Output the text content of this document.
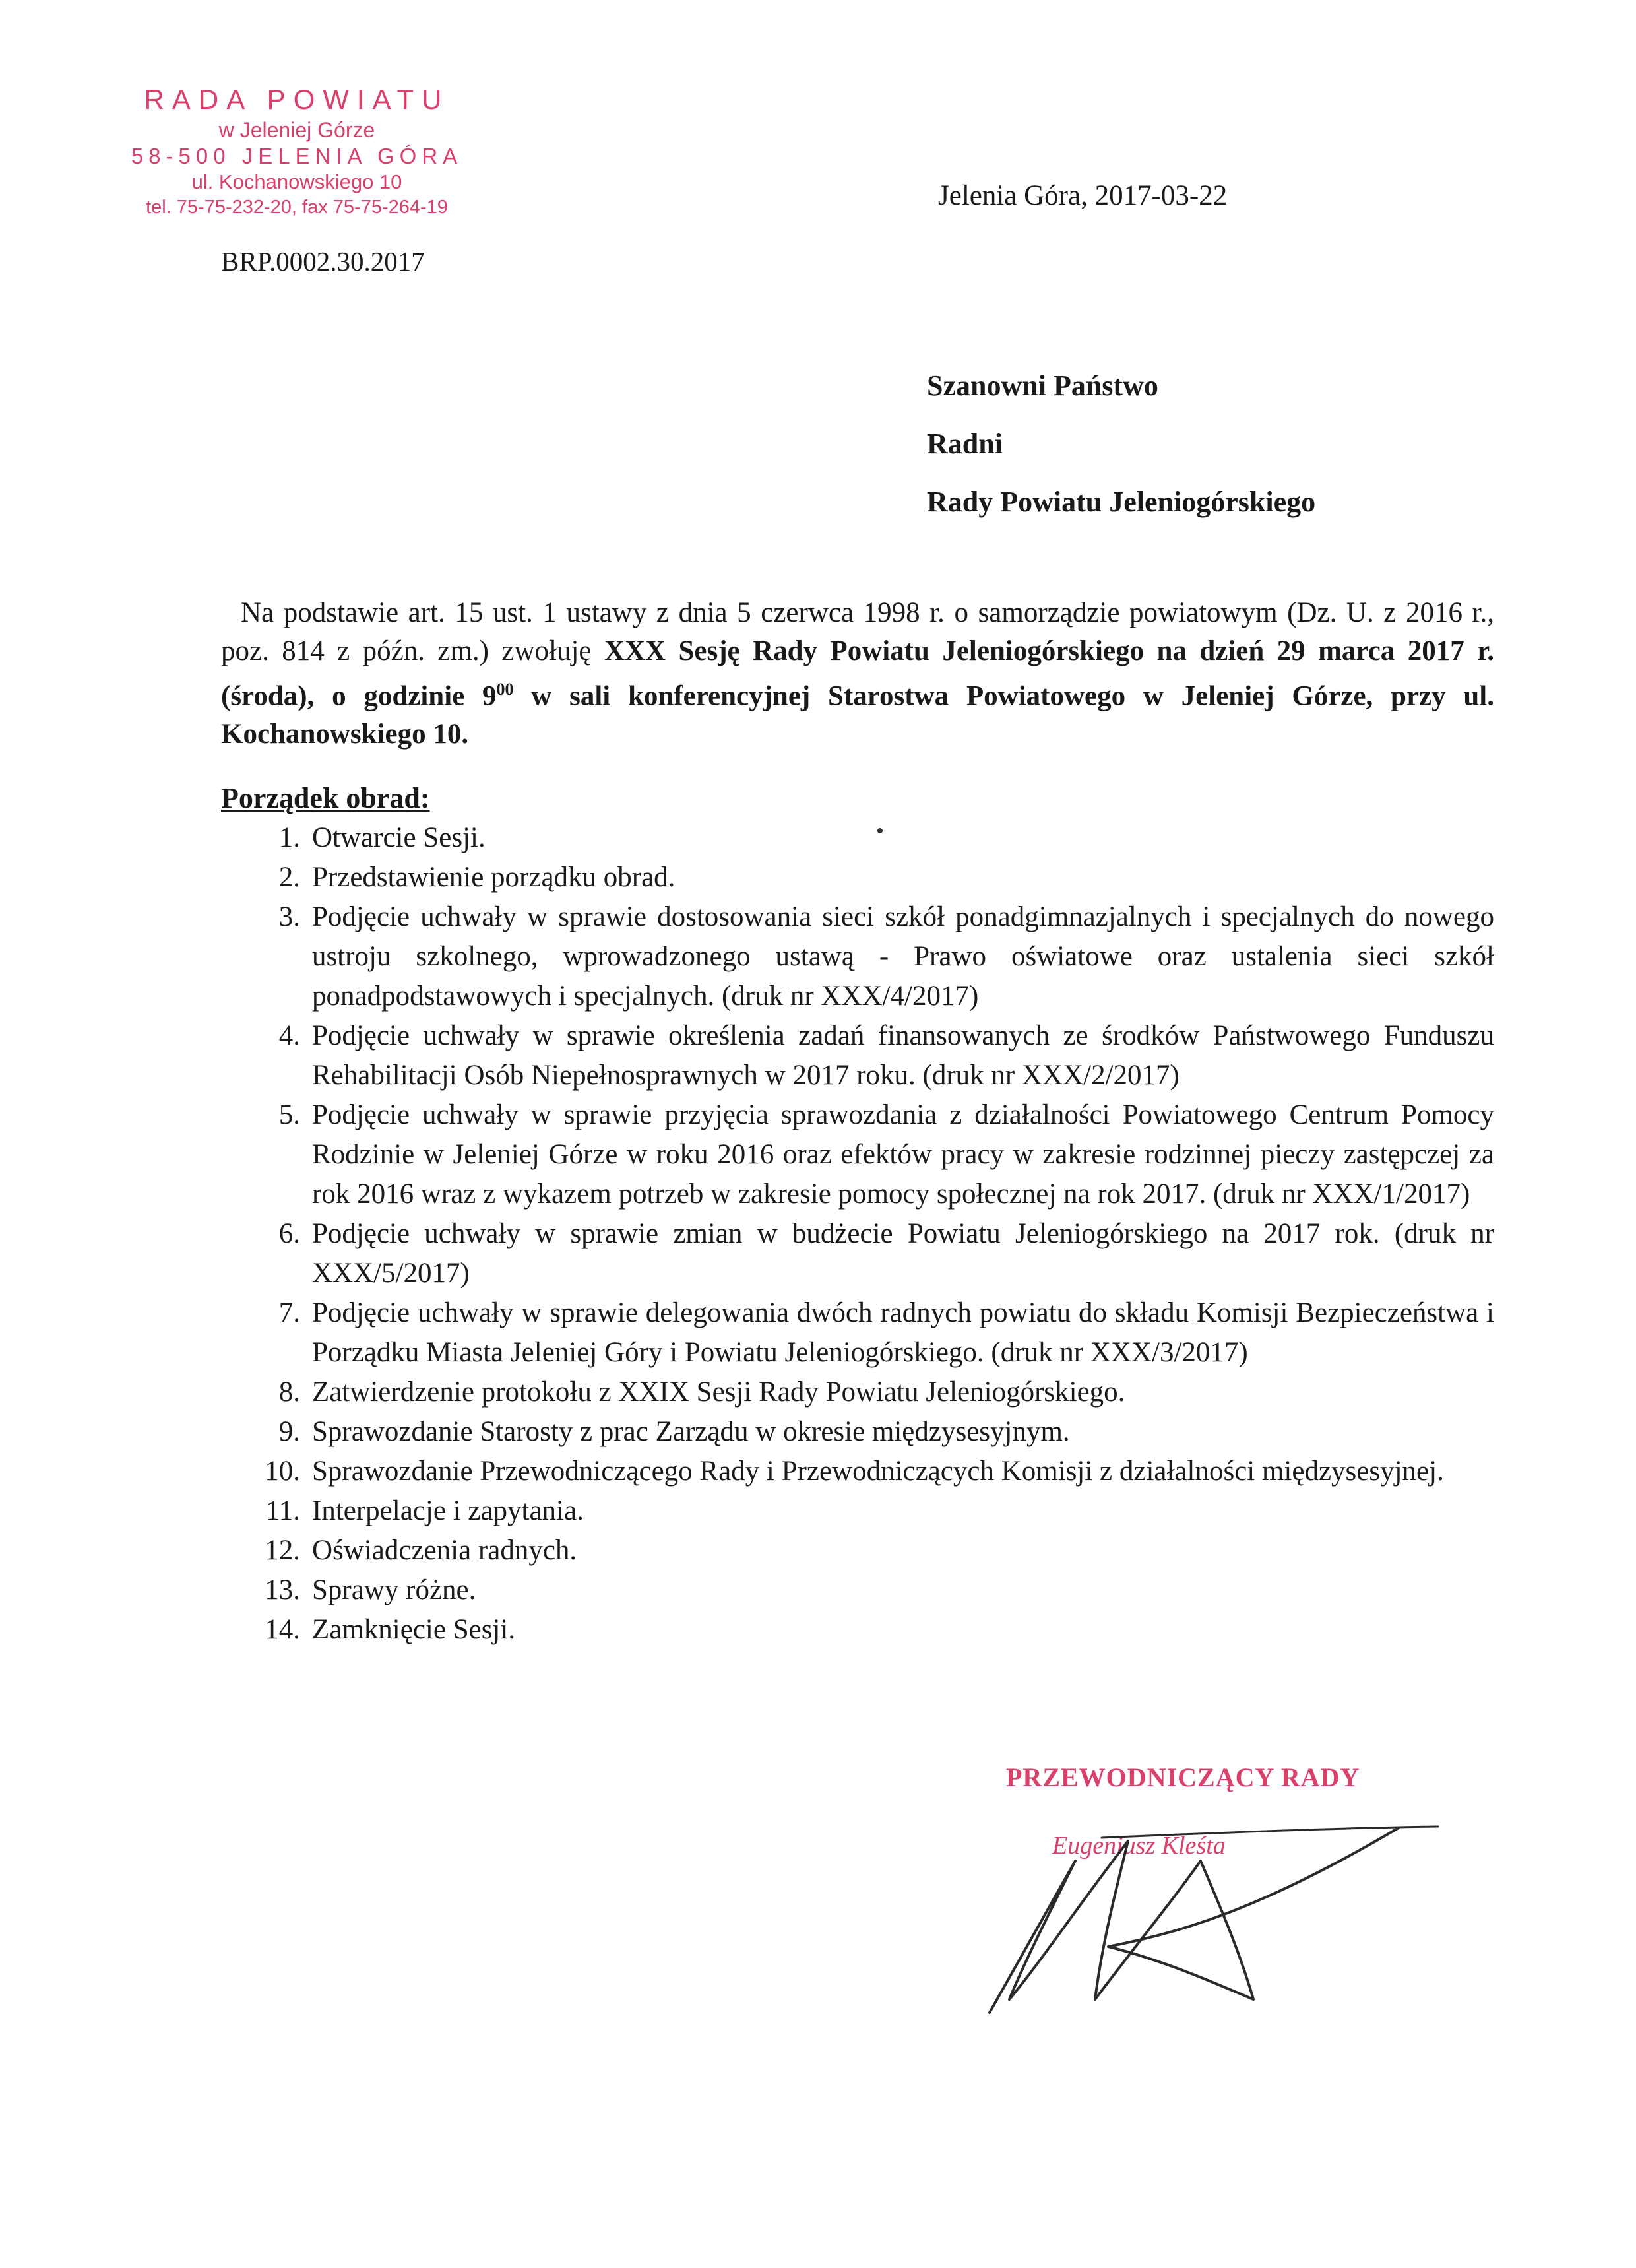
RADA POWIATU
w Jeleniej Górze
58-500 JELENIA GÓRA
ul. Kochanowskiego 10
tel. 75-75-232-20, fax 75-75-264-19
BRP.0002.30.2017
Jelenia Góra, 2017-03-22
Szanowni Państwo
Radni
Rady Powiatu Jeleniogórskiego

Na podstawie art. 15 ust. 1 ustawy z dnia 5 czerwca 1998 r. o samorządzie powiatowym (Dz. U. z 2016 r., poz. 814 z późn. zm.) zwołuję XXX Sesję Rady Powiatu Jeleniogórskiego na dzień 29 marca 2017 r. (środa), o godzinie $9^{00}$ w sali konferencyjnej Starostwa Powiatowego w Jeleniej Górze, przy ul. Kochanowskiego 10.

Porządek obrad:
1. Otwarcie Sesji.
2. Przedstawienie porządku obrad.
3. Podjęcie uchwały w sprawie dostosowania sieci szkół ponadgimnazjalnych i specjalnych do nowego ustroju szkolnego, wprowadzonego ustawą - Prawo oświatowe oraz ustalenia sieci szkół ponadpodstawowych i specjalnych. (druk nr XXX/4/2017)
4. Podjęcie uchwały w sprawie określenia zadań finansowanych ze środków Państwowego Funduszu Rehabilitacji Osób Niepełnosprawnych w 2017 roku. (druk nr XXX/2/2017)
5. Podjęcie uchwały w sprawie przyjęcia sprawozdania z działalności Powiatowego Centrum Pomocy Rodzinie w Jeleniej Górze w roku 2016 oraz efektów pracy w zakresie rodzinnej pieczy zastępczej za rok 2016 wraz z wykazem potrzeb w zakresie pomocy społecznej na rok 2017. (druk nr XXX/1/2017)
6. Podjęcie uchwały w sprawie zmian w budżecie Powiatu Jeleniogórskiego na 2017 rok. (druk nr XXX/5/2017)
7. Podjęcie uchwały w sprawie delegowania dwóch radnych powiatu do składu Komisji Bezpieczeństwa i Porządku Miasta Jeleniej Góry i Powiatu Jeleniogórskiego. (druk nr XXX/3/2017)
8. Zatwierdzenie protokołu z XXIX Sesji Rady Powiatu Jeleniogórskiego.
9. Sprawozdanie Starosty z prac Zarządu w okresie międzysesyjnym.
10. Sprawozdanie Przewodniczącego Rady i Przewodniczących Komisji z działalności międzysesyjnej.
11. Interpelacje i zapytania.
12. Oświadczenia radnych.
13. Sprawy różne.
14. Zamknięcie Sesji.
PRZEWODNICZĄCY RADY
Eugeniusz Kleśta
